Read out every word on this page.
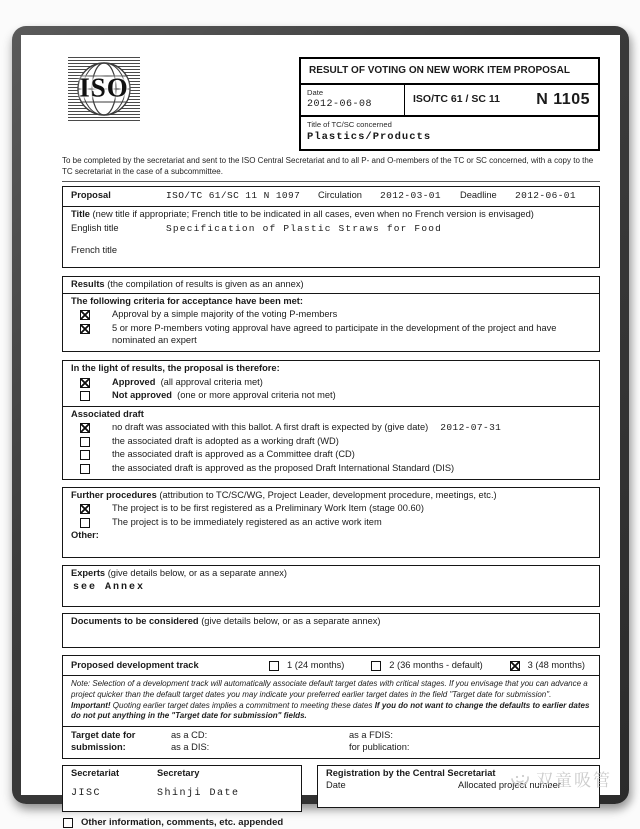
ISO
RESULT OF VOTING ON NEW WORK ITEM PROPOSAL
Date
2012-06-08	ISO/TC 61 / SC 11 N 1105
Title of TC/SC concerned
Plastics/Products

To be completed by the secretariat and sent to the ISO Central Secretariat and to all P- and O-members of the TC or SC concerned, with a copy to the TC secretariat in the case of a subcommittee.

Proposal	ISO/TC 61/SC 11 N 1097	Circulation	2012-03-01	Deadline	2012-06-01
Title (new title if appropriate; French title to be indicated in all cases, even when no French version is envisaged)
English title	Specification of Plastic Straws for Food
French title
Results (the compilation of results is given as an annex)
The following criteria for acceptance have been met:
Approval by a simple majority of the voting P-members
5 or more P-members voting approval have agreed to participate in the development of the project and have nominated an expert
In the light of results, the proposal is therefore:
Approved (all approval criteria met)
Not approved (one or more approval criteria not met)
Associated draft
no draft was associated with this ballot. A first draft is expected by (give date) 2012-07-31
the associated draft is adopted as a working draft (WD)
the associated draft is approved as a Committee draft (CD)
the associated draft is approved as the proposed Draft International Standard (DIS)
Further procedures (attribution to TC/SC/WG, Project Leader, development procedure, meetings, etc.)
The project is to be first registered as a Preliminary Work Item (stage 00.60)
The project is to be immediately registered as an active work item
Other:
Experts (give details below, or as a separate annex)
see Annex
Documents to be considered (give details below, or as a separate annex)
Proposed development track	1 (24 months)	2 (36 months - default)	3 (48 months)
Note: Selection of a development track will automatically associate default target dates with critical stages. If you envisage that you can advance a project quicker than the default target dates you may indicate your preferred earlier target dates in the field "Target date for submission". Important! Quoting earlier target dates implies a commitment to meeting these dates If you do not want to change the defaults to earlier dates do not put anything in the "Target date for submission" fields.
Target date for submission:
as a CD:	as a FDIS:
as a DIS:	for publication:
Secretariat	Secretary
JISC	Shinji Date
Registration by the Central Secretariat
Date	Allocated project number
Other information, comments, etc. appended
双童吸管
